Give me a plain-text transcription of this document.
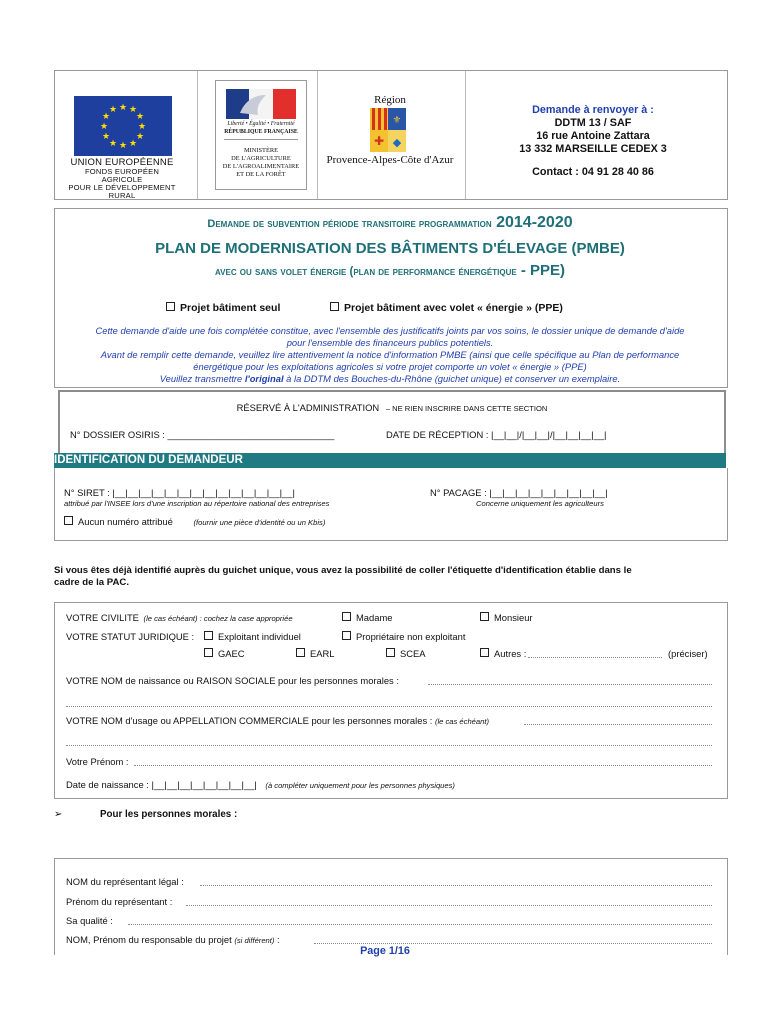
★ ★
★
★
★
★
★
★
★
★
★
★
UNION EUROPÉENNE
FONDS EUROPÉEN AGRICOLE
POUR LE DÉVELOPPEMENT RURAL
Liberté • Égalité • Fraternité
RÉPUBLIQUE FRANÇAISE
MINISTÈRE
DE L'AGRICULTURE
DE L'AGROALIMENTAIRE
ET DE LA FORÊT
Région
⚜
✚ ◆
Provence-Alpes-Côte d'Azur
Demande à renvoyer à :
DDTM 13 / SAF
16 rue Antoine Zattara
13 332 MARSEILLE CEDEX 3
Contact : 04 91 28 40 86
Demande de subvention période transitoire programmation 2014-2020
PLAN DE MODERNISATION DES BÂTIMENTS D'ÉLEVAGE (PMBE)
avec ou sans volet énergie (plan de performance énergétique - PPE)
Projet bâtiment seul	Projet bâtiment avec volet « énergie » (PPE)
Cette demande d'aide une fois complétée constitue, avec l'ensemble des justificatifs joints par vos soins, le dossier unique de demande d'aide
pour l'ensemble des financeurs publics potentiels.
Avant de remplir cette demande, veuillez lire attentivement la notice d'information PMBE (ainsi que celle spécifique au Plan de performance
énergétique pour les exploitations agricoles si votre projet comporte un volet « énergie » (PPE)
Veuillez transmettre l'original à la DDTM des Bouches-du-Rhône (guichet unique) et conserver un exemplaire.
RÉSERVÉ À L'ADMINISTRATION – NE RIEN INSCRIRE DANS CETTE SECTION
N° DOSSIER OSIRIS : ________________________________	DATE DE RÉCEPTION : |__|__|/|__|__|/|__|__|__|__|
IDENTIFICATION DU DEMANDEUR
N° SIRET : |__|__|__|__|__|__|__|__|__|__|__|__|__|__|
attribué par l'INSEE lors d'une inscription au répertoire national des entreprises
N° PACAGE : |__|__|__|__|__|__|__|__|__|
Concerne uniquement les agriculteurs
Aucun numéro attribué	(fournir une pièce d'identité ou un Kbis)
Si vous êtes déjà identifié auprès du guichet unique, vous avez la possibilité de coller l'étiquette d'identification établie dans le
cadre de la PAC.
VOTRE CIVILITE (le cas échéant) : cochez la case appropriée	Madame	Monsieur
VOTRE STATUT JURIDIQUE :	Exploitant individuel	Propriétaire non exploitant
GAEC	EARL	SCEA	Autres :	(préciser)
VOTRE NOM de naissance ou RAISON SOCIALE pour les personnes morales :
VOTRE NOM d'usage ou APPELLATION COMMERCIALE pour les personnes morales : (le cas échéant)
Votre Prénom :
Date de naissance : |__|__|__|__|__|__|__|__| (à compléter uniquement pour les personnes physiques)
➢	Pour les personnes morales :
NOM du représentant légal :
Prénom du représentant :
Sa qualité :
NOM, Prénom du responsable du projet (si différent) :
Page 1/16
